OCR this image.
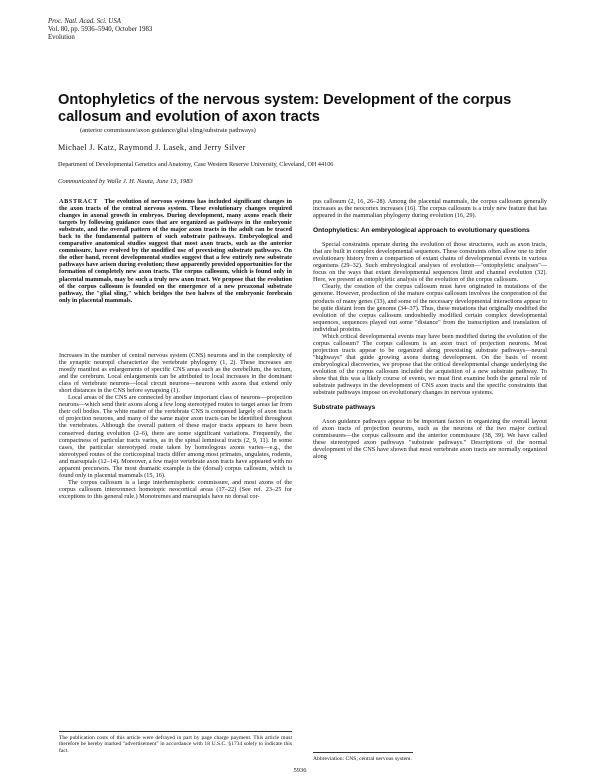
Proc. Natl. Acad. Sci. USA
Vol. 80, pp. 5936–5940, October 1983
Evolution
Ontophyletics of the nervous system: Development of the corpus callosum and evolution of axon tracts
(anterior commissure/axon guidance/glial sling/substrate pathways)
Michael J. Katz, Raymond J. Lasek, and Jerry Silver
Department of Developmental Genetics and Anatomy, Case Western Reserve University, Cleveland, OH 44106
Communicated by Walle J. H. Nauta, June 13, 1983

ABSTRACT The evolution of nervous systems has included significant changes in the axon tracts of the central nervous system. These evolutionary changes required changes in axonal growth in embryos. During development, many axons reach their targets by following guidance cues that are organized as pathways in the embryonic substrate, and the overall pattern of the major axon tracts in the adult can be traced back to the fundamental pattern of such substrate pathways. Embryological and comparative anatomical studies suggest that most axon tracts, such as the anterior commissure, have evolved by the modified use of preexisting substrate pathways. On the other hand, recent developmental studies suggest that a few entirely new substrate pathways have arisen during evolution; these apparently provided opportunities for the formation of completely new axon tracts. The corpus callosum, which is found only in placental mammals, may be such a truly new axon tract. We propose that the evolution of the corpus callosum is founded on the emergence of a new preaxonal substrate pathway, the "glial sling," which bridges the two halves of the embryonic forebrain only in placental mammals.

Increases in the number of central nervous system (CNS) neurons and in the complexity of the synaptic neuropil characterize the vertebrate phylogeny (1, 2). These increases are mostly manifest as enlargements of specific CNS areas such as the cerebellum, the tectum, and the cerebrum. Local enlargements can be attributed to local increases in the dominant class of vertebrate neurons—local circuit neurons—neurons with axons that extend only short distances in the CNS before synapsing (1).

Local areas of the CNS are connected by another important class of neurons—projection neurons—which send their axons along a few long stereotyped routes to target areas far from their cell bodies. The white matter of the vertebrate CNS is composed largely of axon tracts of projection neurons, and many of the same major axon tracts can be identified throughout the vertebrates. Although the overall pattern of these major tracts appears to have been conserved during evolution (2–6), there are some significant variations. Frequently, the compactness of particular tracts varies, as in the spinal lemniscal tracts (2, 9, 11). In some cases, the particular stereotyped route taken by homologous axons varies—e.g., the stereotyped routes of the corticospinal tracts differ among most primates, ungulates, rodents, and marsupials (12–14). Moreover, a few major vertebrate axon tracts have appeared with no apparent precursors. The most dramatic example is the (dorsal) corpus callosum, which is found only in placental mammals (15, 16).

The corpus callosum is a large interhemispheric commissure, and most axons of the corpus callosum interconnect homotopic neocortical areas (17–22) (See ref. 23–25 for exceptions to this general rule.) Monotremes and marsupials have no dorsal cor-

The publication costs of this article were defrayed in part by page charge payment. This article must therefore be hereby marked "advertisement" in accordance with 18 U.S.C. §1734 solely to indicate this fact.

pus callosum (2, 16, 26–28). Among the placental mammals, the corpus callosum generally increases as the neocortex increases (16). The corpus callosum is a truly new feature that has appeared in the mammalian phylogeny during evolution (16, 29).

Ontophyletics: An embryological approach to evolutionary questions

Special constraints operate during the evolution of those structures, such as axon tracts, that are built in complex developmental sequences. These constraints often allow one to infer evolutionary history from a comparison of extant chains of developmental events in various organisms (29–32). Such embryological analyses of evolution—"ontophyletic analyses"—focus on the ways that extant developmental sequences limit and channel evolution (32). Here, we present an ontophyletic analysis of the evolution of the corpus callosum.

Clearly, the creation of the corpus callosum must have originated in mutations of the genome. However, production of the mature corpus callosum involves the cooperation of the products of many genes (33), and some of the necessary developmental interactions appear to be quite distant from the genome (34–37). Thus, these mutations that originally modified the evolution of the corpus callosum undoubtedly modified certain complex developmental sequences, sequences played out some "distance" from the transcription and translation of individual proteins.

Which critical developmental events may have been modified during the evolution of the corpus callosum? The corpus callosum is an axon tract of projection neurons. Most projection tracts appear to be organized along preexisting substrate pathways—neural "highways" that guide growing axons during development. On the basis of recent embryological discoveries, we propose that the critical developmental change underlying the evolution of the corpus callosum included the acquisition of a new substrate pathway. To show that this was a likely course of events, we must first examine both the general role of substrate pathways in the development of CNS axon tracts and the specific constraints that substrate pathways impose on evolutionary changes in nervous systems.

Substrate pathways

Axon guidance pathways appear to be important factors in organizing the overall layout of axon tracts of projection neurons, such as the neurons of the two major cortical commissures—the corpus callosum and the anterior commissure (38, 39). We have called these stereotyped axon pathways "substrate pathways." Descriptions of the normal development of the CNS have shown that most vertebrate axon tracts are normally organized along

Abbreviation: CNS, central nervous system.
5936
